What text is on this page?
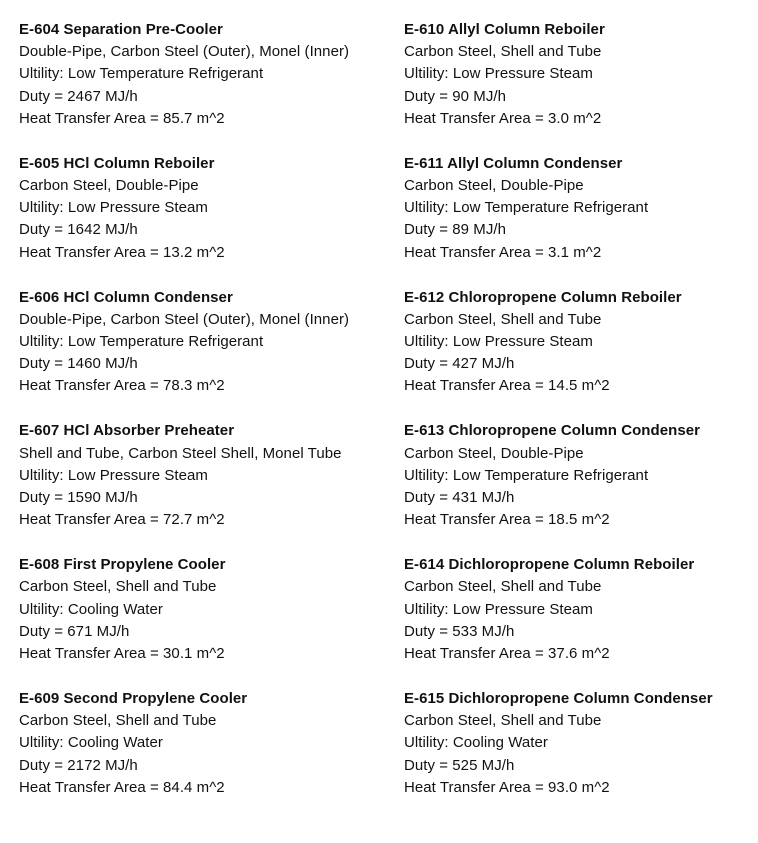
E-604 Separation Pre-Cooler
Double-Pipe, Carbon Steel (Outer), Monel (Inner)
Ultility: Low Temperature Refrigerant
Duty = 2467 MJ/h
Heat Transfer Area = 85.7 m^2
E-605 HCl Column Reboiler
Carbon Steel, Double-Pipe
Ultility: Low Pressure Steam
Duty = 1642 MJ/h
Heat Transfer Area = 13.2 m^2
E-606 HCl Column Condenser
Double-Pipe, Carbon Steel (Outer), Monel (Inner)
Ultility: Low Temperature Refrigerant
Duty = 1460 MJ/h
Heat Transfer Area = 78.3 m^2
E-607 HCl Absorber Preheater
Shell and Tube, Carbon Steel Shell, Monel Tube
Ultility: Low Pressure Steam
Duty = 1590 MJ/h
Heat Transfer Area = 72.7 m^2
E-608 First Propylene Cooler
Carbon Steel, Shell and Tube
Ultility: Cooling Water
Duty = 671 MJ/h
Heat Transfer Area = 30.1 m^2
E-609 Second Propylene Cooler
Carbon Steel, Shell and Tube
Ultility: Cooling Water
Duty = 2172 MJ/h
Heat Transfer Area = 84.4 m^2
E-610 Allyl Column Reboiler
Carbon Steel, Shell and Tube
Ultility: Low Pressure Steam
Duty = 90 MJ/h
Heat Transfer Area = 3.0 m^2
E-611 Allyl Column Condenser
Carbon Steel, Double-Pipe
Ultility: Low Temperature Refrigerant
Duty = 89 MJ/h
Heat Transfer Area = 3.1 m^2
E-612 Chloropropene Column Reboiler
Carbon Steel, Shell and Tube
Ultility: Low Pressure Steam
Duty = 427 MJ/h
Heat Transfer Area = 14.5 m^2
E-613 Chloropropene Column Condenser
Carbon Steel, Double-Pipe
Ultility: Low Temperature Refrigerant
Duty = 431 MJ/h
Heat Transfer Area = 18.5 m^2
E-614 Dichloropropene Column Reboiler
Carbon Steel, Shell and Tube
Ultility: Low Pressure Steam
Duty = 533 MJ/h
Heat Transfer Area = 37.6 m^2
E-615 Dichloropropene Column Condenser
Carbon Steel, Shell and Tube
Ultility: Cooling Water
Duty = 525 MJ/h
Heat Transfer Area = 93.0 m^2
